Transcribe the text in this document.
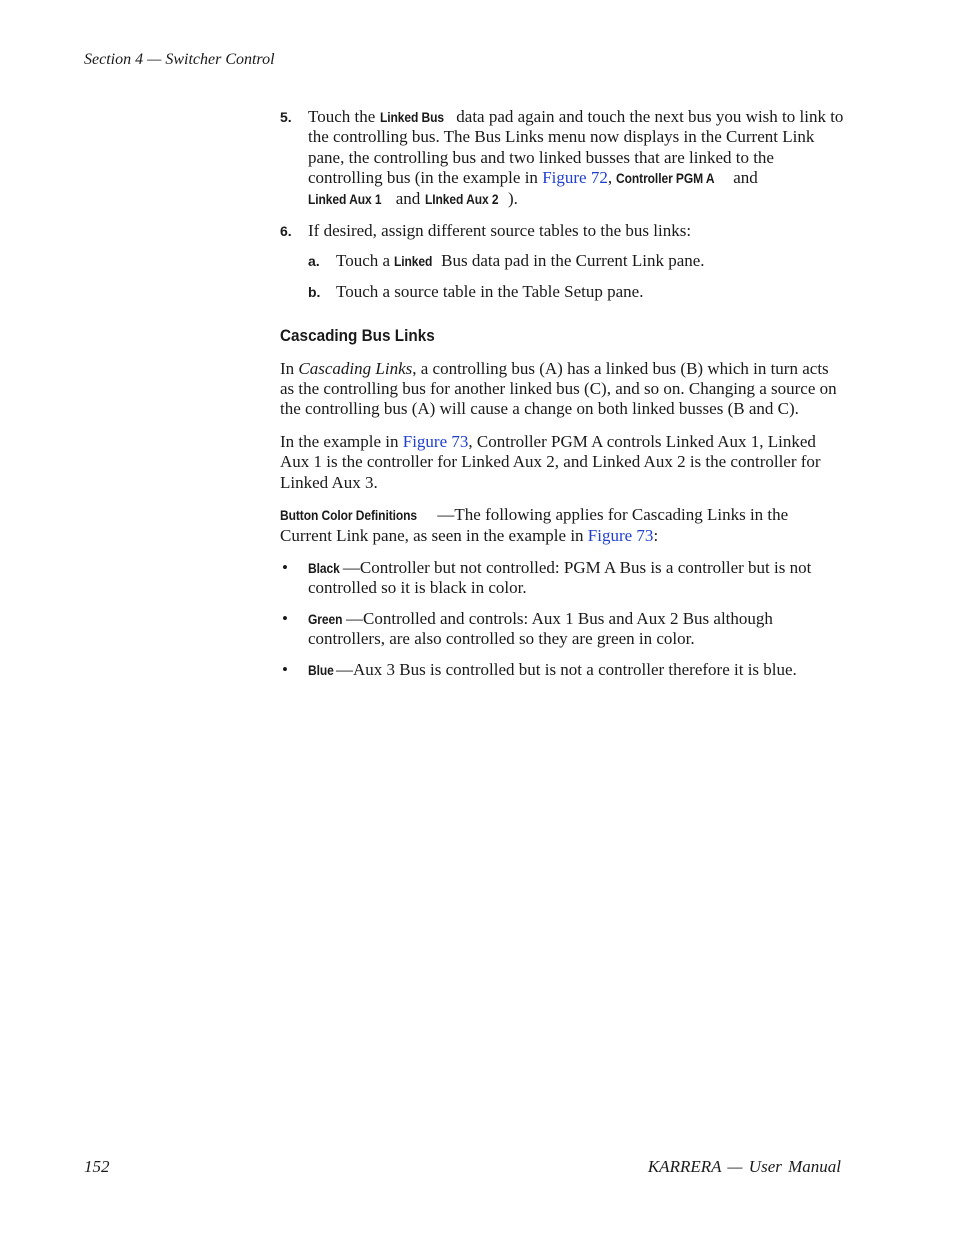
Section 4 — Switcher Control
5. Touch the Linked Bus data pad again and touch the next bus you wish to link to the controlling bus. The Bus Links menu now displays in the Current Link pane, the controlling bus and two linked busses that are linked to the controlling bus (in the example in Figure 72, Controller PGM A and Linked Aux 1 and LInked Aux 2 ).
6. If desired, assign different source tables to the bus links:
a. Touch a Linked Bus data pad in the Current Link pane.
b. Touch a source table in the Table Setup pane.
Cascading Bus Links

In Cascading Links, a controlling bus (A) has a linked bus (B) which in turn acts as the controlling bus for another linked bus (C), and so on. Changing a source on the controlling bus (A) will cause a change on both linked busses (B and C).

In the example in Figure 73, Controller PGM A controls Linked Aux 1, Linked Aux 1 is the controller for Linked Aux 2, and Linked Aux 2 is the controller for Linked Aux 3.

Button Color Definitions —The following applies for Cascading Links in the Current Link pane, as seen in the example in Figure 73:

• Black —Controller but not controlled: PGM A Bus is a controller but is not controlled so it is black in color.
• Green —Controlled and controls: Aux 1 Bus and Aux 2 Bus although controllers, are also controlled so they are green in color.
• Blue —Aux 3 Bus is controlled but is not a controller therefore it is blue.
152	KARRERA — User Manual
